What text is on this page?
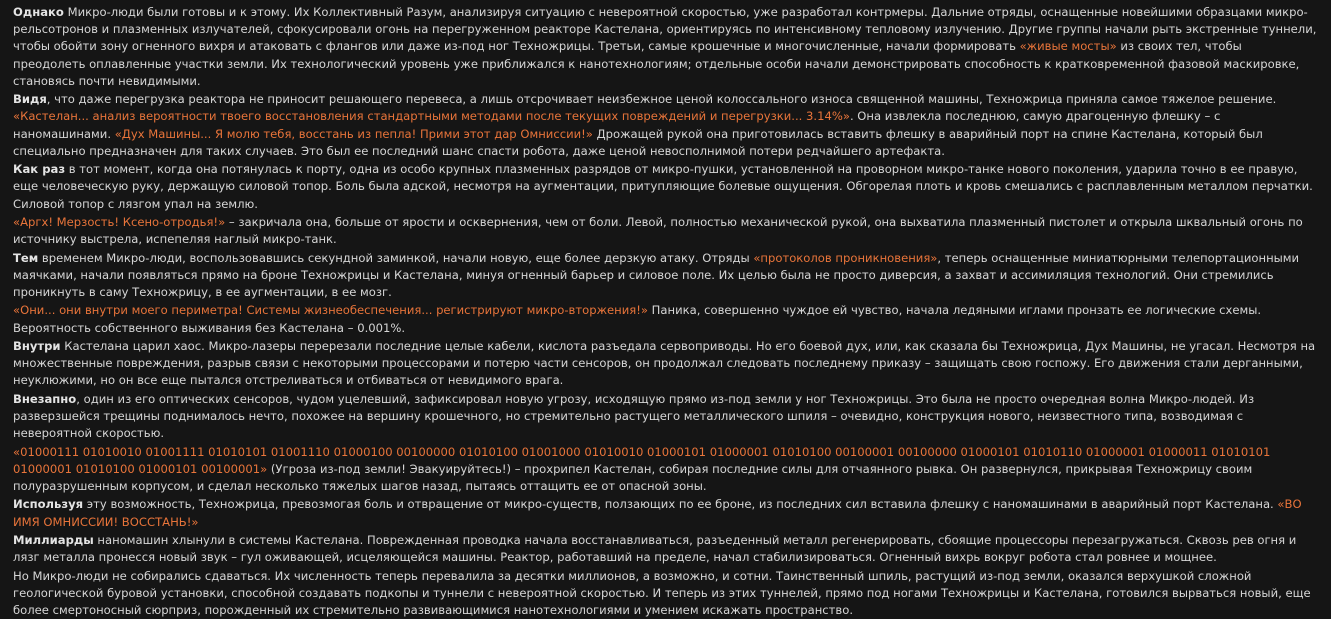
Однако Микро-люди были готовы и к этому. Их Коллективный Разум, анализируя ситуацию с невероятной скоростью, уже разработал контрмеры. Дальние отряды, оснащенные новейшими образцами микро-рельсотронов и плазменных излучателей, сфокусировали огонь на перегруженном реакторе Кастелана, ориентируясь по интенсивному тепловому излучению. Другие группы начали рыть экстренные туннели, чтобы обойти зону огненного вихря и атаковать с флангов или даже из-под ног Техножрицы. Третьи, самые крошечные и многочисленные, начали формировать «живые мосты» из своих тел, чтобы преодолеть оплавленные участки земли. Их технологический уровень уже приближался к нанотехнологиям; отдельные особи начали демонстрировать способность к кратковременной фазовой маскировке, становясь почти невидимыми.

Видя, что даже перегрузка реактора не приносит решающего перевеса, а лишь отсрочивает неизбежное ценой колоссального износа священной машины, Техножрица приняла самое тяжелое решение. «Кастелан... анализ вероятности твоего восстановления стандартными методами после текущих повреждений и перегрузки... 3.14%». Она извлекла последнюю, самую драгоценную флешку – с наномашинами. «Дух Машины... Я молю тебя, восстань из пепла! Прими этот дар Омниссии!» Дрожащей рукой она приготовилась вставить флешку в аварийный порт на спине Кастелана, который был специально предназначен для таких случаев. Это был ее последний шанс спасти робота, даже ценой невосполнимой потери редчайшего артефакта.

Как раз в тот момент, когда она потянулась к порту, одна из особо крупных плазменных разрядов от микро-пушки, установленной на проворном микро-танке нового поколения, ударила точно в ее правую, еще человеческую руку, держащую силовой топор. Боль была адской, несмотря на аугментации, притупляющие болевые ощущения. Обгорелая плоть и кровь смешались с расплавленным металлом перчатки. Силовой топор с лязгом упал на землю.

«Аргх! Мерзость! Ксено-отродья!» – закричала она, больше от ярости и осквернения, чем от боли. Левой, полностью механической рукой, она выхватила плазменный пистолет и открыла шквальный огонь по источнику выстрела, испепеляя наглый микро-танк.

Тем временем Микро-люди, воспользовавшись секундной заминкой, начали новую, еще более дерзкую атаку. Отряды «протоколов проникновения», теперь оснащенные миниатюрными телепортационными маячками, начали появляться прямо на броне Техножрицы и Кастелана, минуя огненный барьер и силовое поле. Их целью была не просто диверсия, а захват и ассимиляция технологий. Они стремились проникнуть в саму Техножрицу, в ее аугментации, в ее мозг.

«Они... они внутри моего периметра! Системы жизнеобеспечения... регистрируют микро-вторжения!» Паника, совершенно чуждое ей чувство, начала ледяными иглами пронзать ее логические схемы. Вероятность собственного выживания без Кастелана – 0.001%.

Внутри Кастелана царил хаос. Микро-лазеры перерезали последние целые кабели, кислота разъедала сервоприводы. Но его боевой дух, или, как сказала бы Техножрица, Дух Машины, не угасал. Несмотря на множественные повреждения, разрыв связи с некоторыми процессорами и потерю части сенсоров, он продолжал следовать последнему приказу – защищать свою госпожу. Его движения стали дерганными, неуклюжими, но он все еще пытался отстреливаться и отбиваться от невидимого врага.

Внезапно, один из его оптических сенсоров, чудом уцелевший, зафиксировал новую угрозу, исходящую прямо из-под земли у ног Техножрицы. Это была не просто очередная волна Микро-людей. Из разверзшейся трещины поднималось нечто, похожее на вершину крошечного, но стремительно растущего металлического шпиля – очевидно, конструкция нового, неизвестного типа, возводимая с невероятной скоростью.

«01000111 01010010 01001111 01010101 01001110 01000100 00100000 01010100 01001000 01010010 01000101 01000001 01010100 00100001 00100000 01000101 01010110 01000001 01000011 01010101 01000001 01010100 01000101 00100001» (Угроза из-под земли! Эвакуируйтесь!) – прохрипел Кастелан, собирая последние силы для отчаянного рывка. Он развернулся, прикрывая Техножрицу своим полуразрушенным корпусом, и сделал несколько тяжелых шагов назад, пытаясь оттащить ее от опасной зоны.

Используя эту возможность, Техножрица, превозмогая боль и отвращение от микро-существ, ползающих по ее броне, из последних сил вставила флешку с наномашинами в аварийный порт Кастелана. «ВО ИМЯ ОМНИССИИ! ВОССТАНЬ!»

Миллиарды наномашин хлынули в системы Кастелана. Поврежденная проводка начала восстанавливаться, разъеденный металл регенерировать, сбоящие процессоры перезагружаться. Сквозь рев огня и лязг металла пронесся новый звук – гул оживающей, исцеляющейся машины. Реактор, работавший на пределе, начал стабилизироваться. Огненный вихрь вокруг робота стал ровнее и мощнее.

Но Микро-люди не собирались сдаваться. Их численность теперь перевалила за десятки миллионов, а возможно, и сотни. Таинственный шпиль, растущий из-под земли, оказался верхушкой сложной геологической буровой установки, способной создавать подкопы и туннели с невероятной скоростью. И теперь из этих туннелей, прямо под ногами Техножрицы и Кастелана, готовился вырваться новый, еще более смертоносный сюрприз, порожденный их стремительно развивающимися нанотехнологиями и умением искажать пространство.
